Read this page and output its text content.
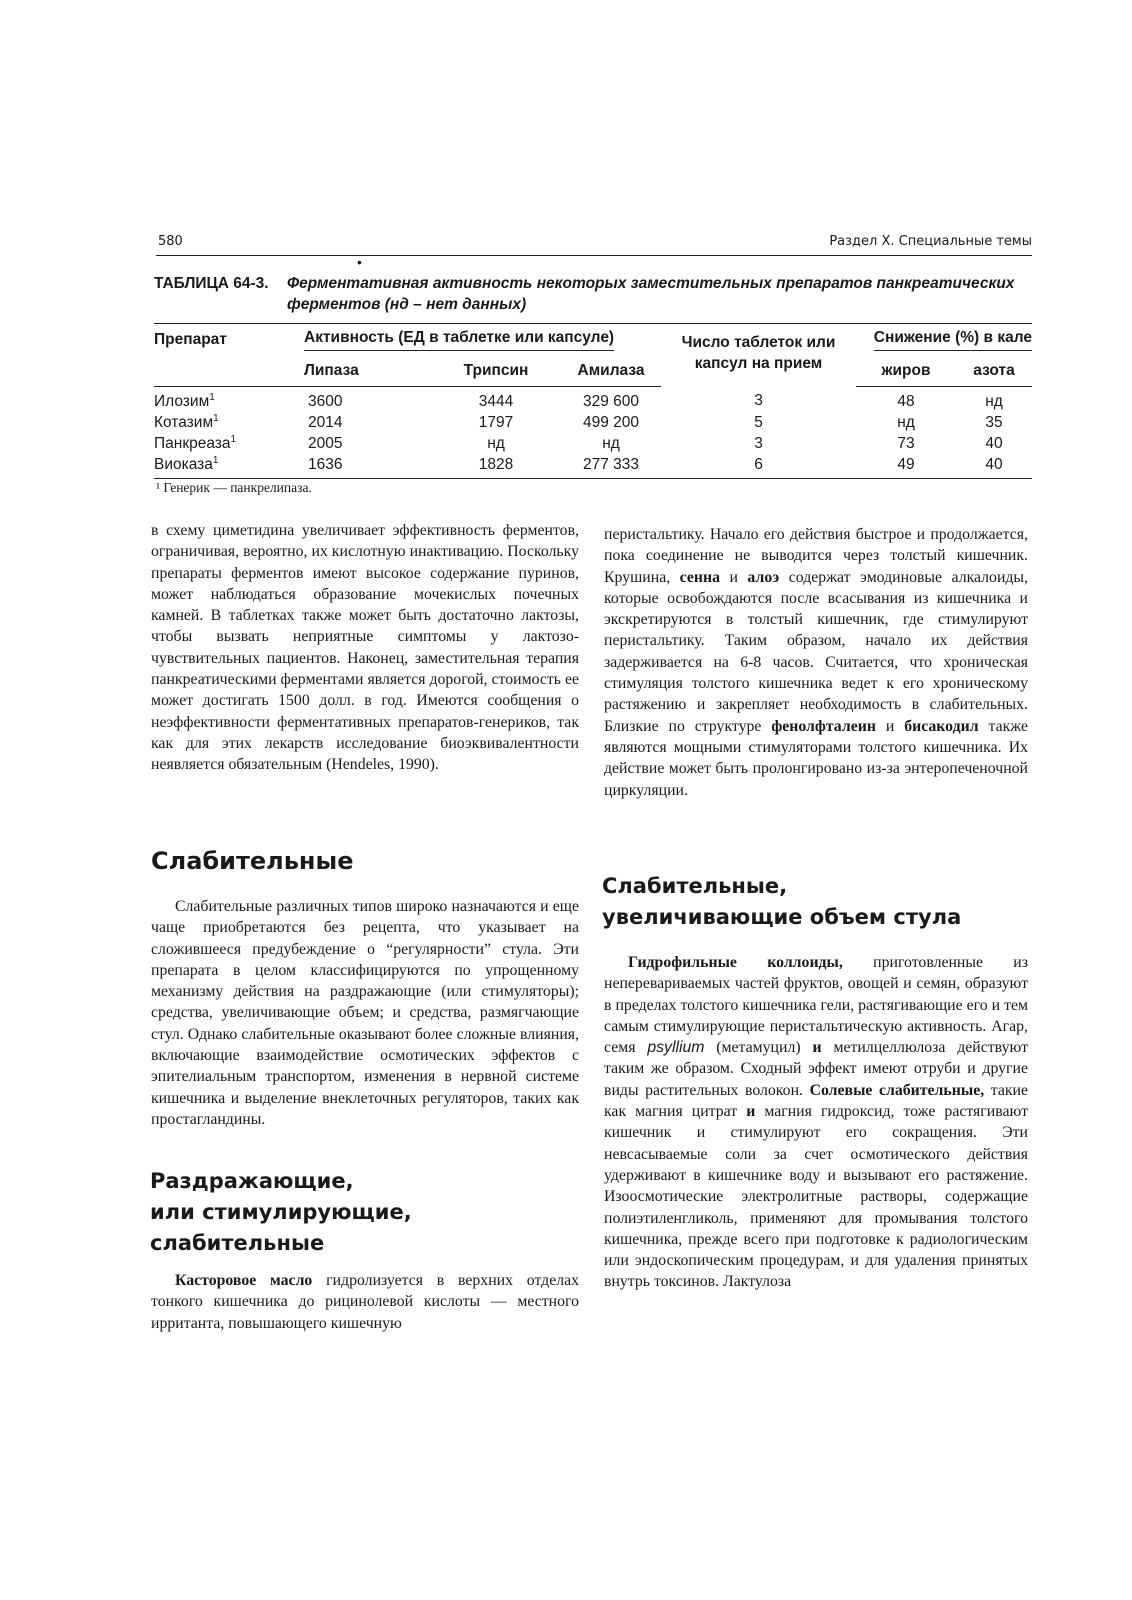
580	Раздел X. Специальные темы
•
ТАБЛИЦА 64-3. Ферментативная активность некоторых заместительных препаратов панкреатических ферментов (нд – нет данных)
Препарат	Активность (ЕД в таблетке или капсуле)			Число таблеток или капсул на прием	Снижение (%) в кале	
	Липаза	Трипсин	Амилаза		жиров	азота
Илозим$^1$	3600	3444	329 600	3	48	нд
Котазим$^1$	2014	1797	499 200	5	нд	35
Панкреаза$^1$	2005	нд	нд	3	73	40
Виоказа$^1$	1636	1828	277 333	6	49	40
¹ Генерик — панкрелипаза.

в схему циметидина увеличивает эффективность ферментов, ограничивая, вероятно, их кислотную инактивацию. Поскольку препараты ферментов имеют высокое содержание пуринов, может наблюдаться образование мочекислых почечных камней. В таблетках также может быть достаточно лактозы, чтобы вызвать неприятные симптомы у лактозо-чувствительных пациентов. Наконец, заместительная терапия панкреатическими ферментами является дорогой, стоимость ее может достигать 1500 долл. в год. Имеются сообщения о неэффективности ферментативных препаратов-генериков, так как для этих лекарств исследование биоэквивалентности неявляется обязательным (Hendeles, 1990).

Слабительные

Слабительные различных типов широко назначаются и еще чаще приобретаются без рецепта, что указывает на сложившееся предубеждение о “регулярности” стула. Эти препарата в целом классифицируются по упрощенному механизму действия на раздражающие (или стимуляторы); средства, увеличивающие объем; и средства, размягчающие стул. Однако слабительные оказывают более сложные влияния, включающие взаимодействие осмотических эффектов с эпителиальным транспортом, изменения в нервной системе кишечника и выделение внеклеточных регуляторов, таких как простагландины.

Раздражающие,
или стимулирующие,
слабительные

Касторовое масло гидролизуется в верхних отделах тонкого кишечника до рицинолевой кислоты — местного ирританта, повышающего кишечную

перистальтику. Начало его действия быстрое и продолжается, пока соединение не выводится через толстый кишечник. Крушина, сенна и алоэ содержат эмодиновые алкалоиды, которые освобождаются после всасывания из кишечника и экскретируются в толстый кишечник, где стимулируют перистальтику. Таким образом, начало их действия задерживается на 6-8 часов. Считается, что хроническая стимуляция толстого кишечника ведет к его хроническому растяжению и закрепляет необходимость в слабительных. Близкие по структуре фенолфталеин и бисакодил также являются мощными стимуляторами толстого кишечника. Их действие может быть пролонгировано из-за энтеропеченочной циркуляции.

Слабительные,
увеличивающие объем стула

Гидрофильные коллоиды, приготовленные из неперевариваемых частей фруктов, овощей и семян, образуют в пределах толстого кишечника гели, растягивающие его и тем самым стимулирующие перистальтическую активность. Агар, семя psyllium (метамуцил) и метилцеллюлоза действуют таким же образом. Сходный эффект имеют отруби и другие виды растительных волокон. Солевые слабительные, такие как магния цитрат и магния гидроксид, тоже растягивают кишечник и стимулируют его сокращения. Эти невсасываемые соли за счет осмотического действия удерживают в кишечнике воду и вызывают его растяжение. Изоосмотические электролитные растворы, содержащие полиэтиленгликоль, применяют для промывания толстого кишечника, прежде всего при подготовке к радиологическим или эндоскопическим процедурам, и для удаления принятых внутрь токсинов. Лактулоза
